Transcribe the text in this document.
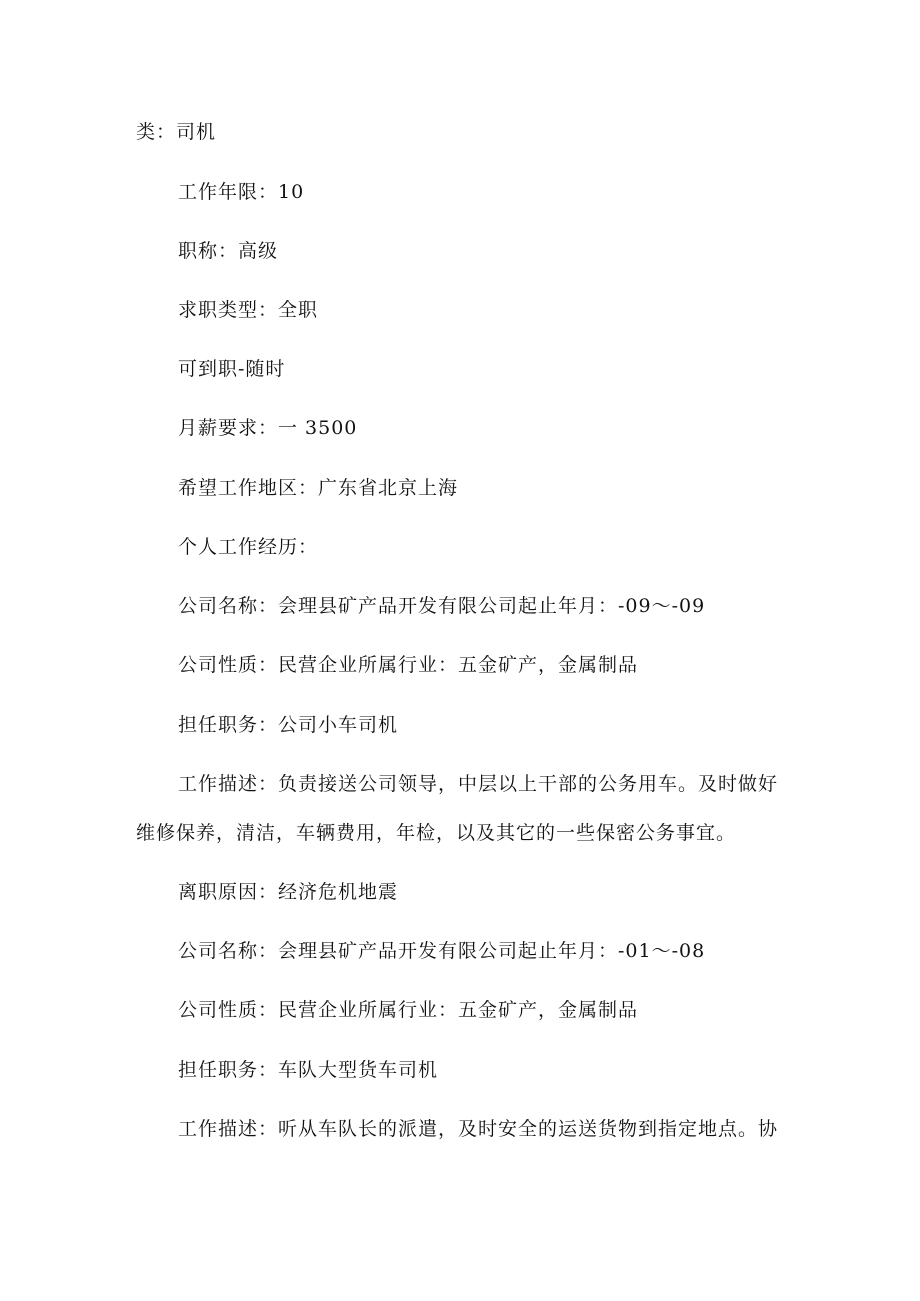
类：司机
工作年限：10
职称：高级
求职类型：全职
可到职-随时
月薪要求：一 3500
希望工作地区：广东省北京上海
个人工作经历：
公司名称：会理县矿产品开发有限公司起止年月：-09～-09
公司性质：民营企业所属行业：五金矿产，金属制品
担任职务：公司小车司机
工作描述：负责接送公司领导，中层以上干部的公务用车。及时做好
维修保养，清洁，车辆费用，年检，以及其它的一些保密公务事宜。
离职原因：经济危机地震
公司名称：会理县矿产品开发有限公司起止年月：-01～-08
公司性质：民营企业所属行业：五金矿产，金属制品
担任职务：车队大型货车司机
工作描述：听从车队长的派遣，及时安全的运送货物到指定地点。协
